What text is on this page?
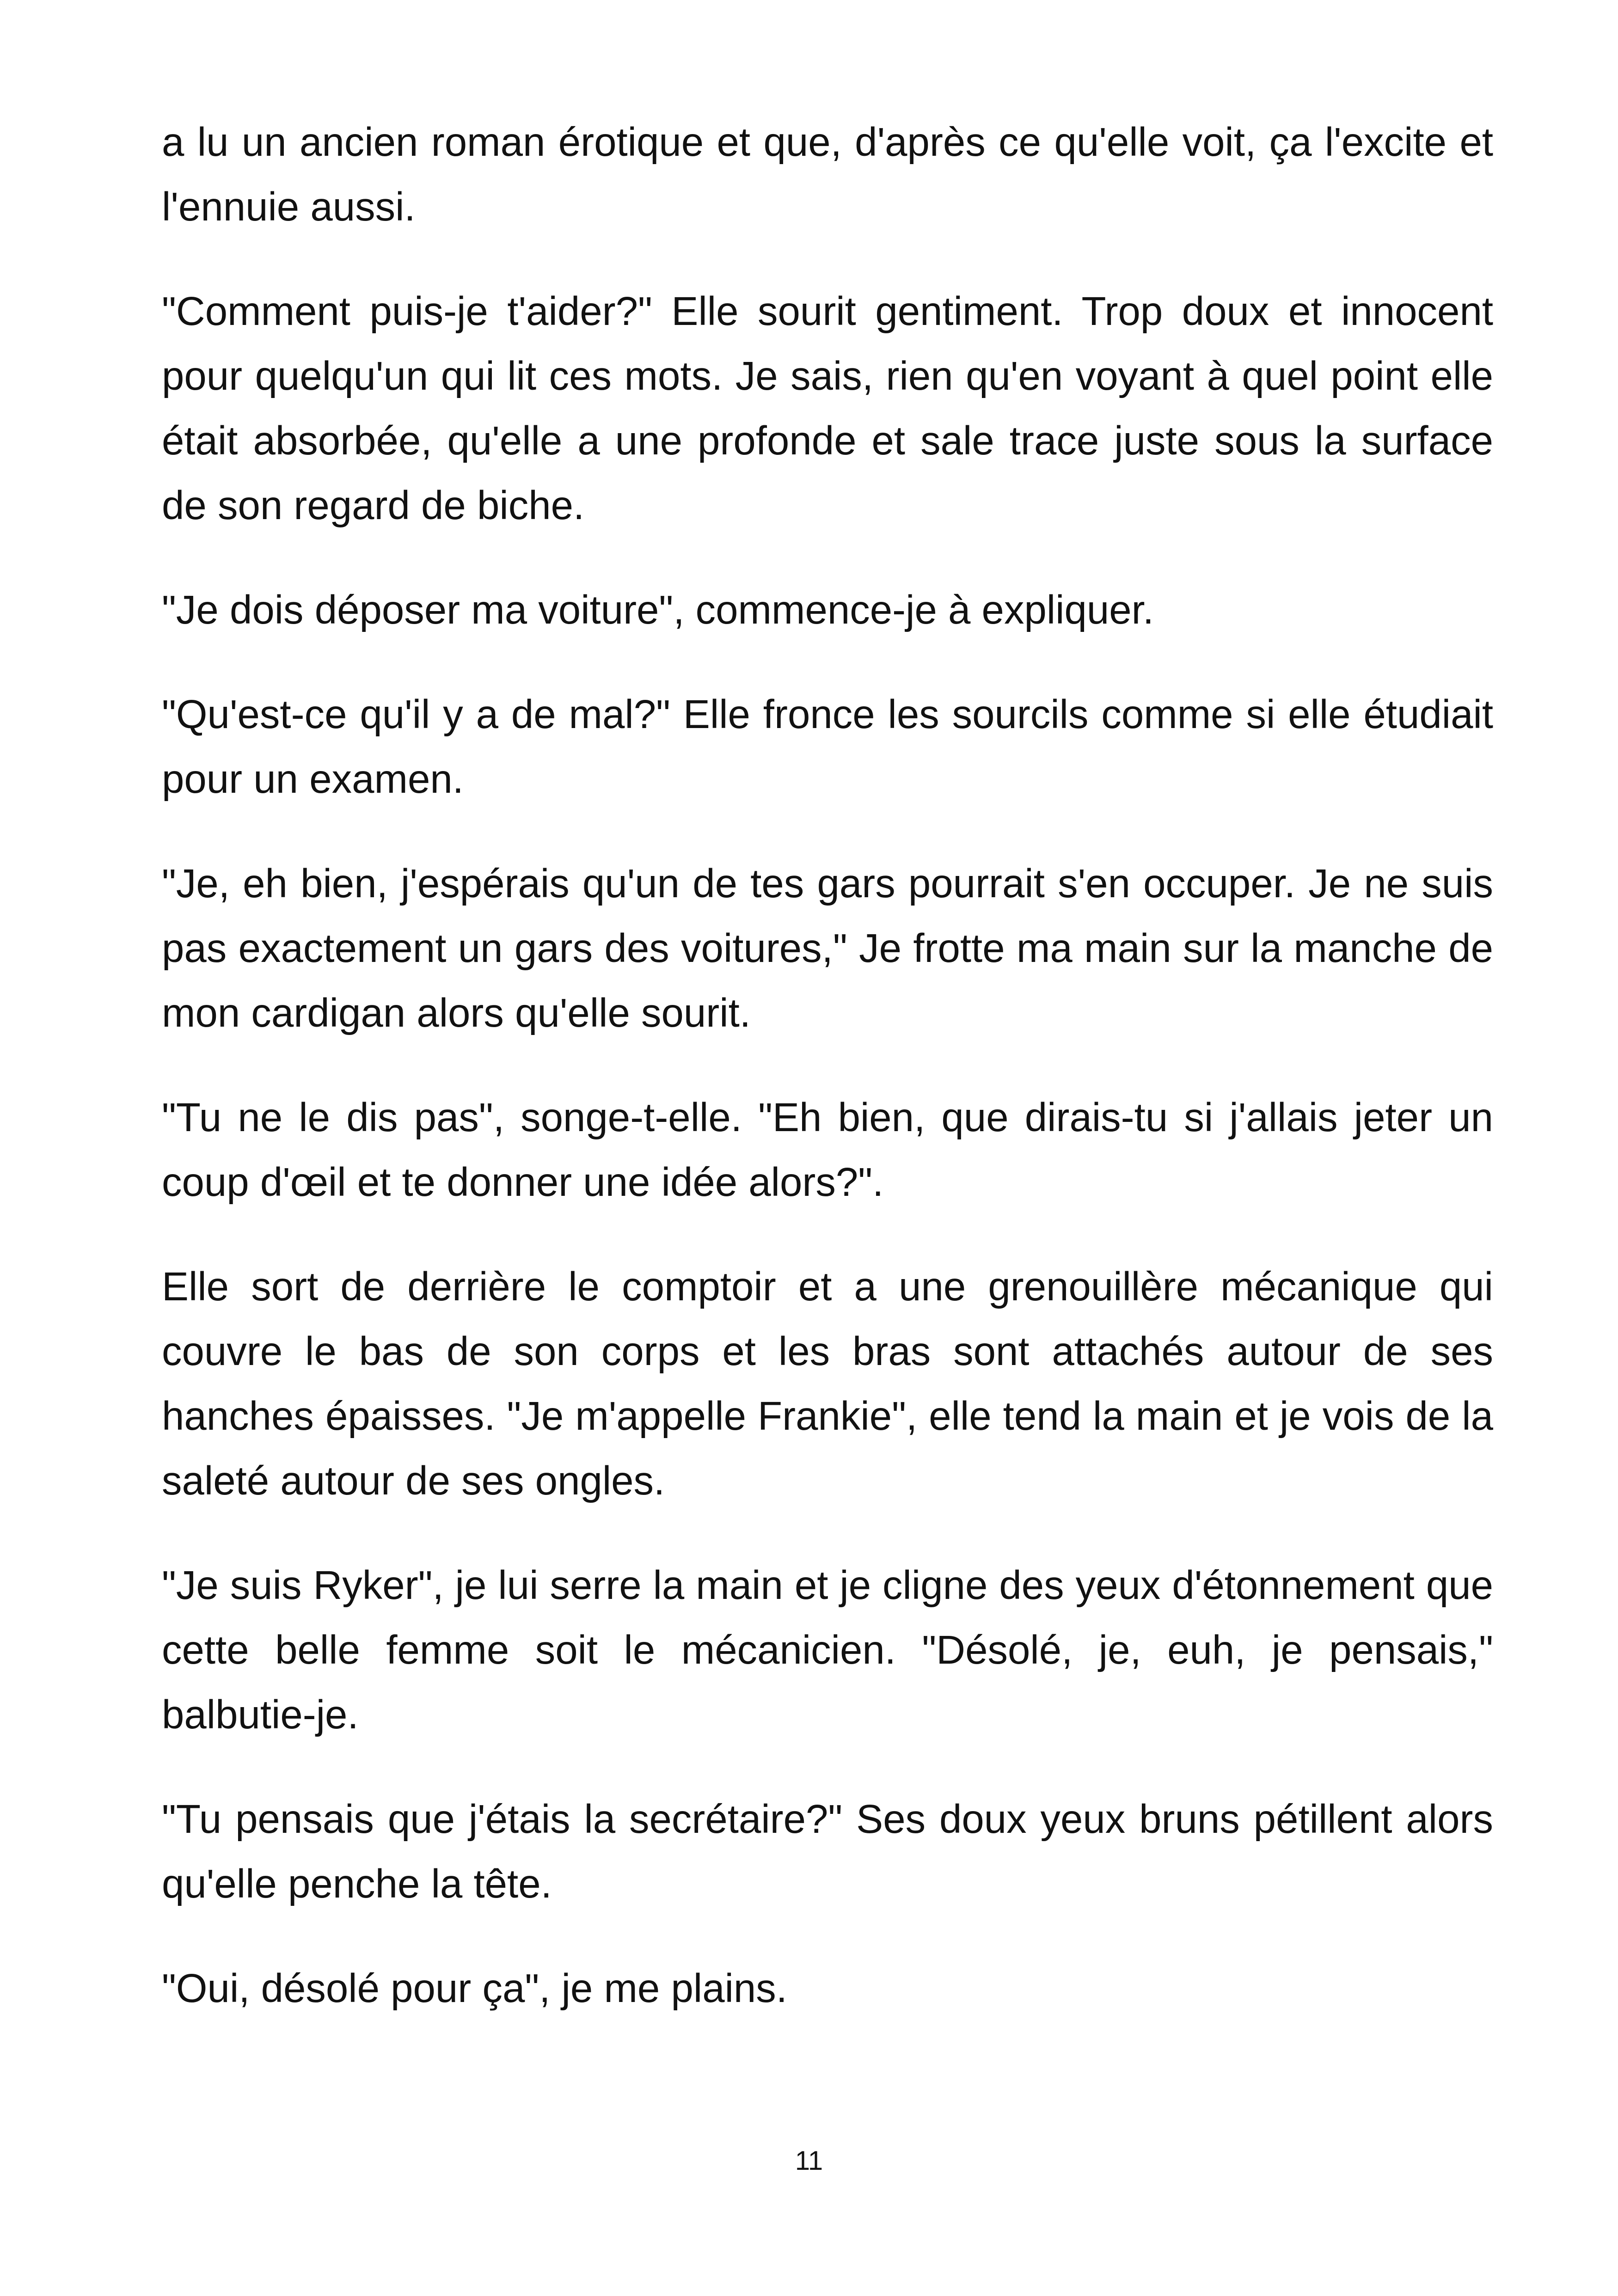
a lu un ancien roman érotique et que, d'après ce qu'elle voit, ça l'excite et l'ennuie aussi.

"Comment puis-je t'aider?" Elle sourit gentiment. Trop doux et innocent pour quelqu'un qui lit ces mots. Je sais, rien qu'en voyant à quel point elle était absorbée, qu'elle a une profonde et sale trace juste sous la surface de son regard de biche.

"Je dois déposer ma voiture", commence-je à expliquer.

"Qu'est-ce qu'il y a de mal?" Elle fronce les sourcils comme si elle étudiait pour un examen.

"Je, eh bien, j'espérais qu'un de tes gars pourrait s'en occuper. Je ne suis pas exactement un gars des voitures," Je frotte ma main sur la manche de mon cardigan alors qu'elle sourit.

"Tu ne le dis pas", songe-t-elle. "Eh bien, que dirais-tu si j'allais jeter un coup d'œil et te donner une idée alors?".

Elle sort de derrière le comptoir et a une grenouillère mécanique qui couvre le bas de son corps et les bras sont attachés autour de ses hanches épaisses. "Je m'appelle Frankie", elle tend la main et je vois de la saleté autour de ses ongles.

"Je suis Ryker", je lui serre la main et je cligne des yeux d'étonnement que cette belle femme soit le mécanicien. "Désolé, je, euh, je pensais," balbutie-je.

"Tu pensais que j'étais la secrétaire?" Ses doux yeux bruns pétillent alors qu'elle penche la tête.

"Oui, désolé pour ça", je me plains.

11
